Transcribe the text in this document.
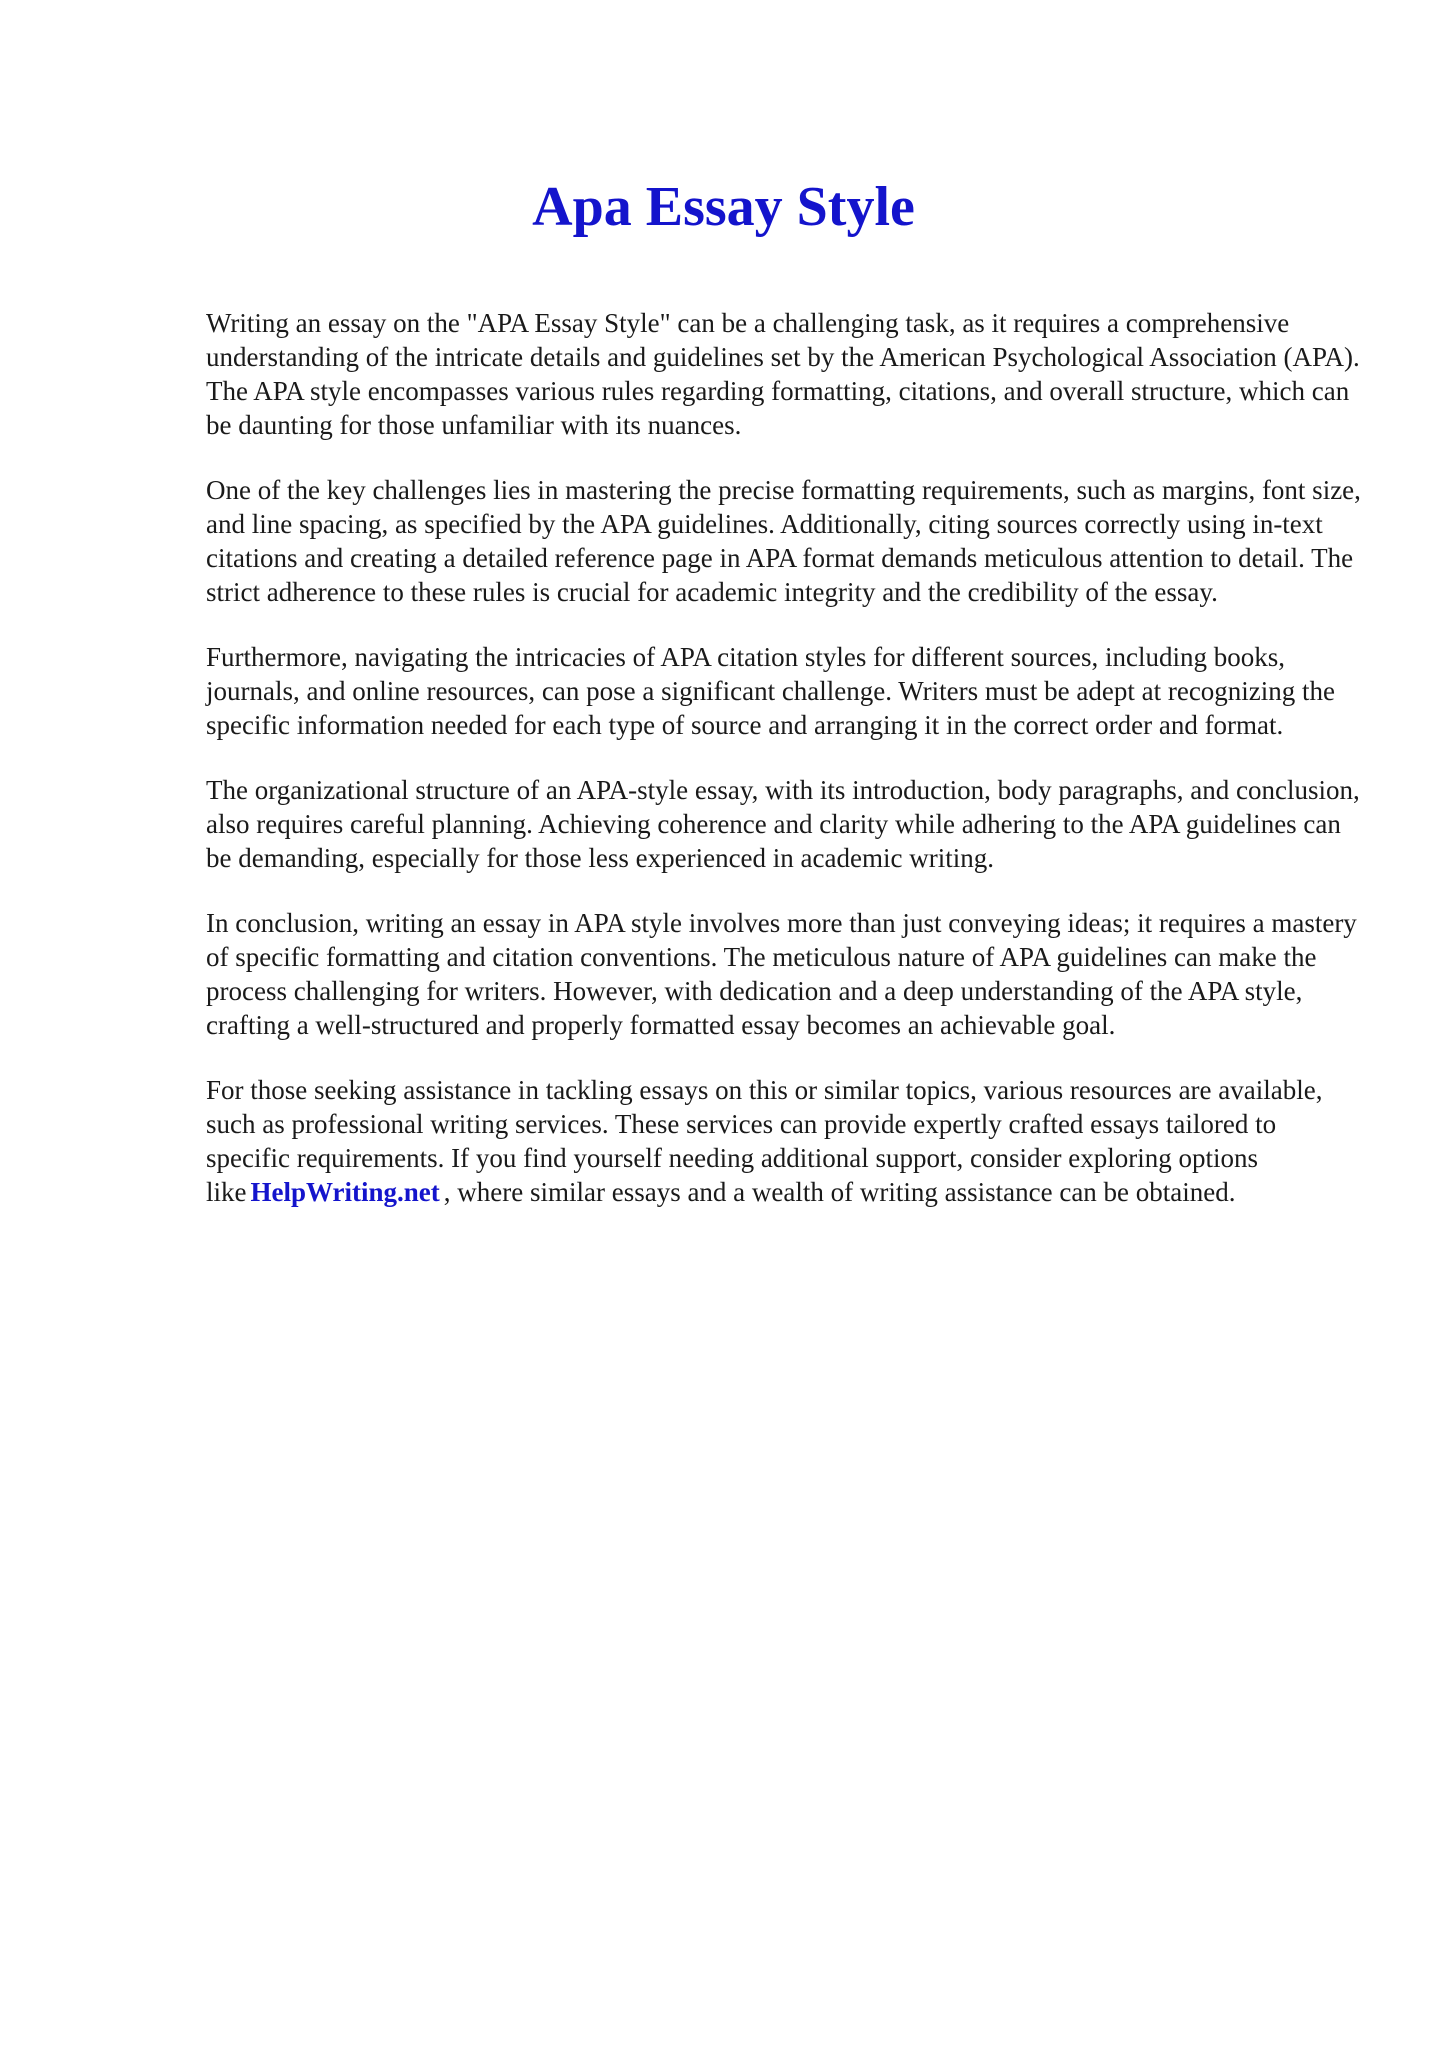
Apa Essay Style

Writing an essay on the "APA Essay Style" can be a challenging task, as it requires a comprehensive understanding of the intricate details and guidelines set by the American Psychological Association (APA). The APA style encompasses various rules regarding formatting, citations, and overall structure, which can be daunting for those unfamiliar with its nuances.

One of the key challenges lies in mastering the precise formatting requirements, such as margins, font size, and line spacing, as specified by the APA guidelines. Additionally, citing sources correctly using in-text citations and creating a detailed reference page in APA format demands meticulous attention to detail. The strict adherence to these rules is crucial for academic integrity and the credibility of the essay.

Furthermore, navigating the intricacies of APA citation styles for different sources, including books, journals, and online resources, can pose a significant challenge. Writers must be adept at recognizing the specific information needed for each type of source and arranging it in the correct order and format.

The organizational structure of an APA-style essay, with its introduction, body paragraphs, and conclusion, also requires careful planning. Achieving coherence and clarity while adhering to the APA guidelines can be demanding, especially for those less experienced in academic writing.

In conclusion, writing an essay in APA style involves more than just conveying ideas; it requires a mastery of specific formatting and citation conventions. The meticulous nature of APA guidelines can make the process challenging for writers. However, with dedication and a deep understanding of the APA style, crafting a well-structured and properly formatted essay becomes an achievable goal.

For those seeking assistance in tackling essays on this or similar topics, various resources are available, such as professional writing services. These services can provide expertly crafted essays tailored to specific requirements. If you find yourself needing additional support, consider exploring options like HelpWriting.net , where similar essays and a wealth of writing assistance can be obtained.
